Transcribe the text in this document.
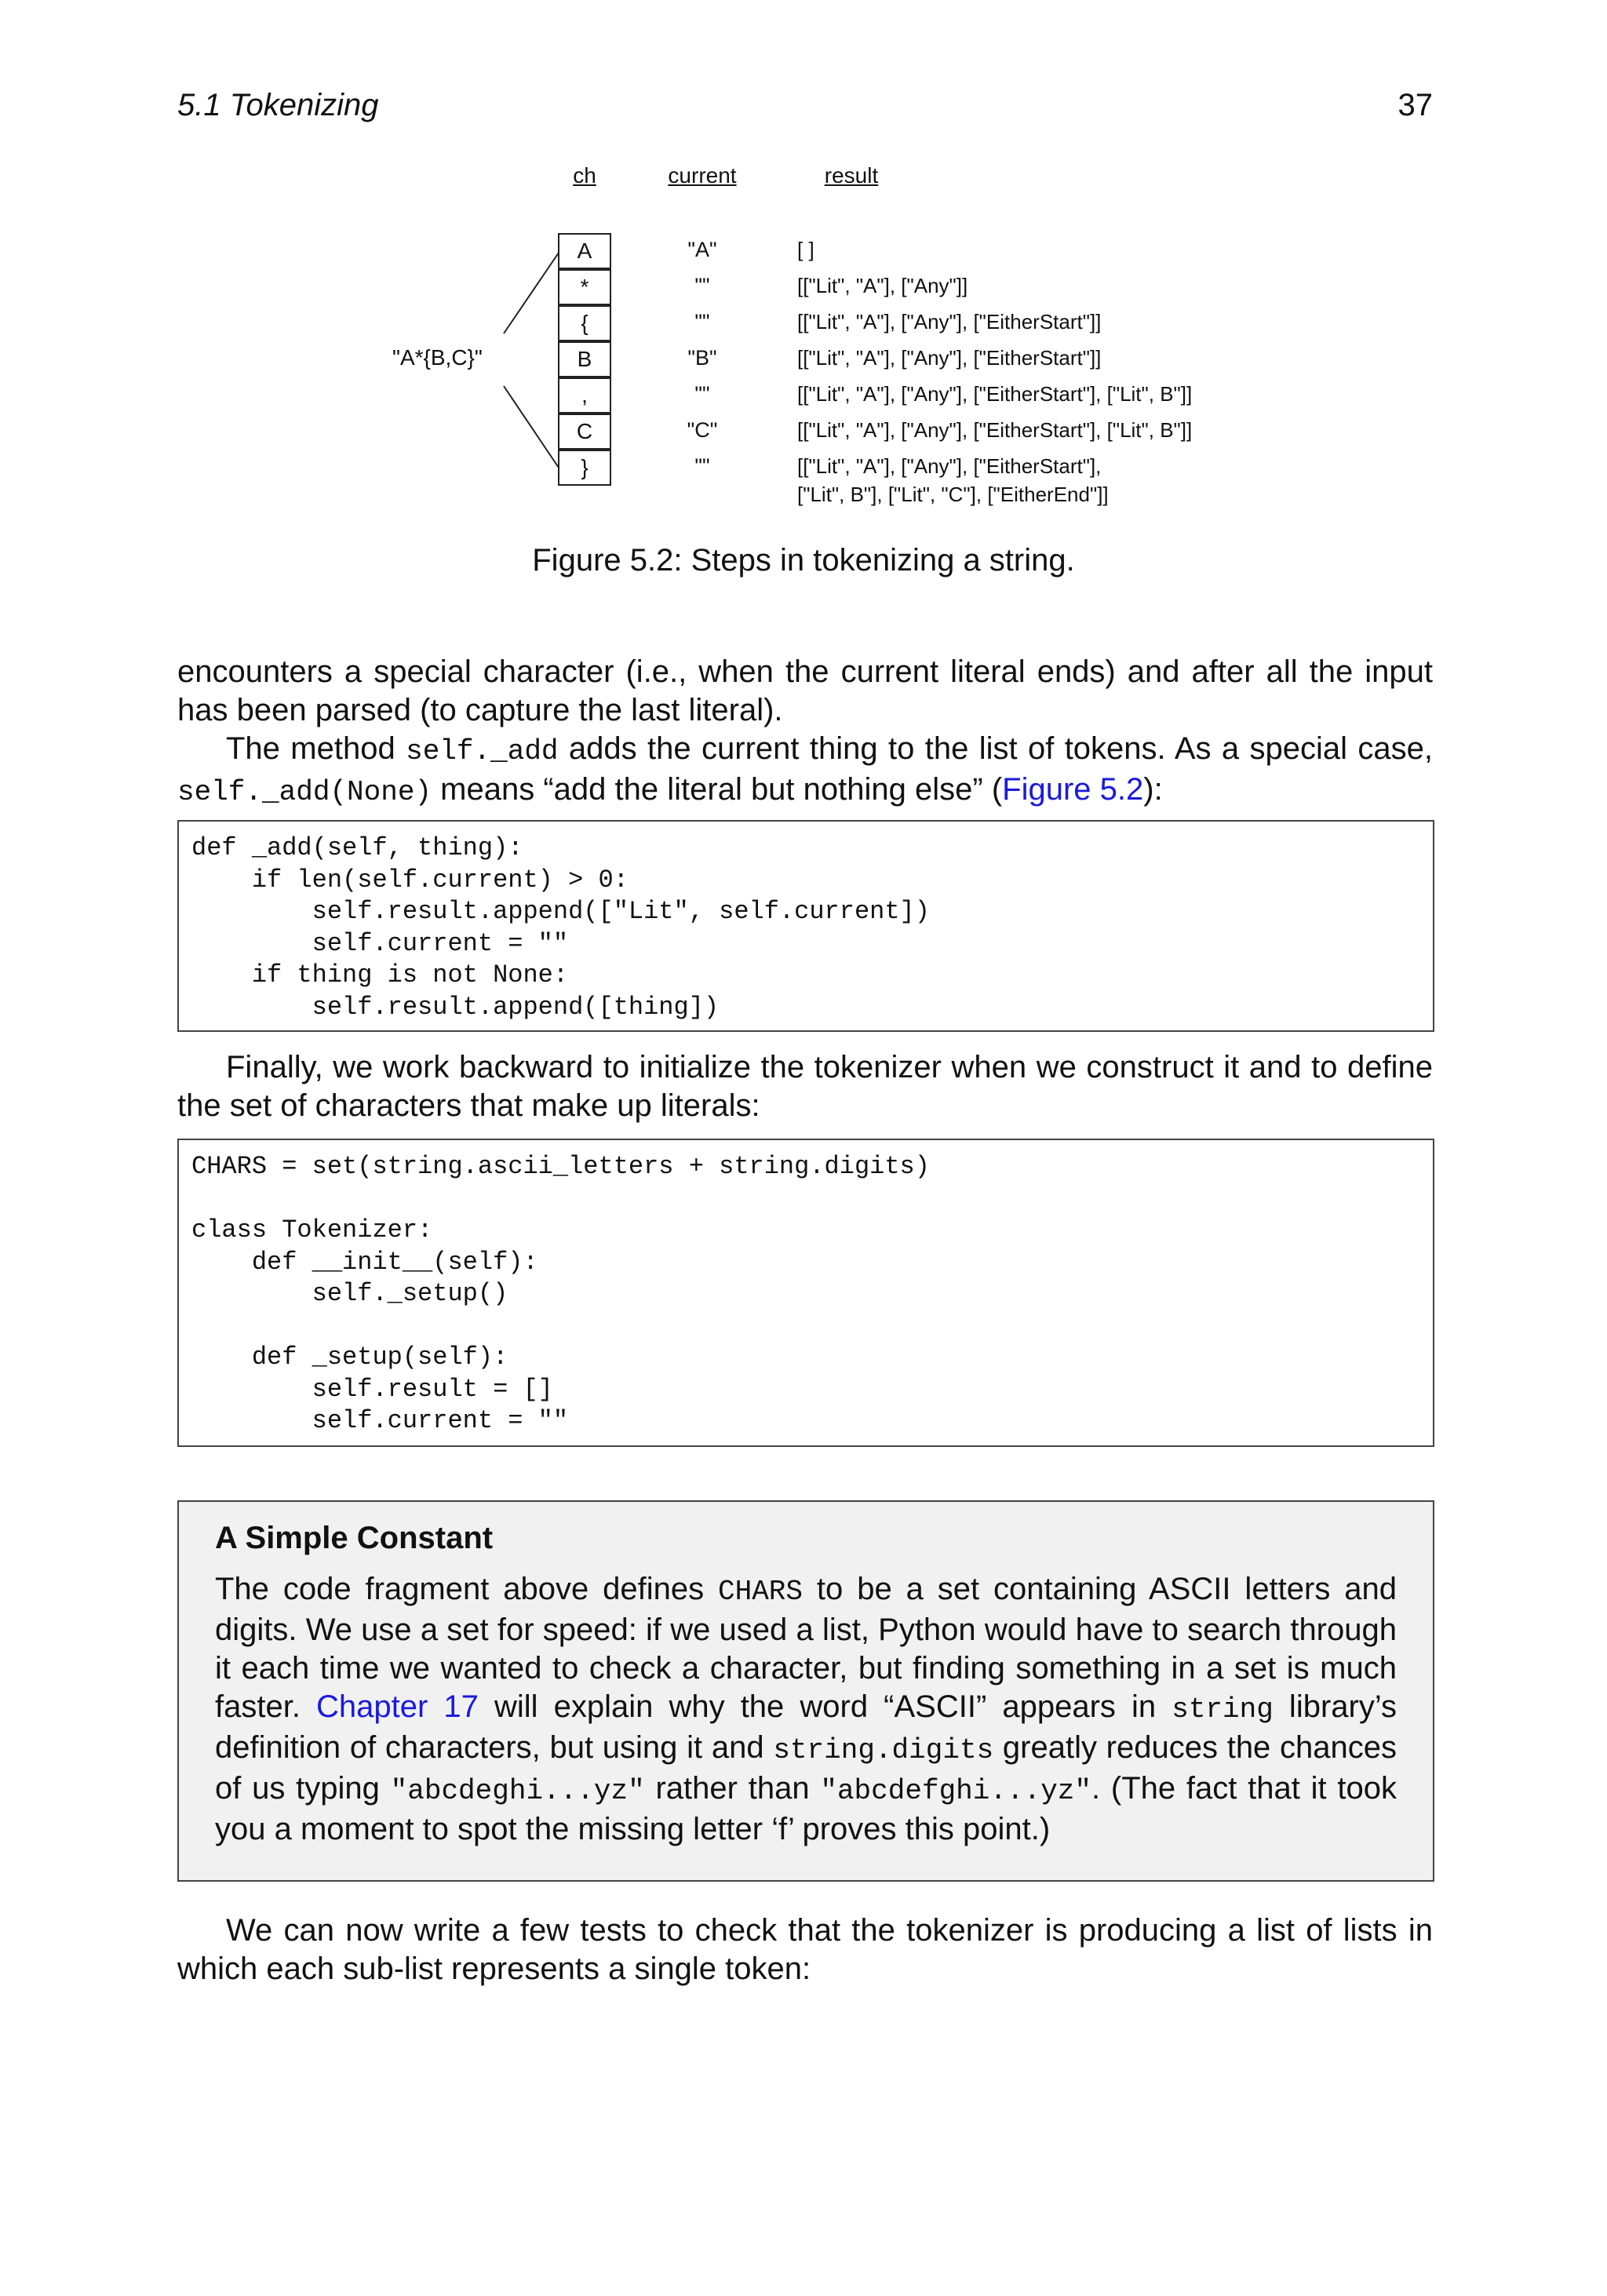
5.1 Tokenizing	37
ch	current	result
"A*{B,C}"
A	"A"	[ ]
*	""	[["Lit", "A"], ["Any"]]
{	""	[["Lit", "A"], ["Any"], ["EitherStart"]]
B	"B"	[["Lit", "A"], ["Any"], ["EitherStart"]]
,	""	[["Lit", "A"], ["Any"], ["EitherStart"], ["Lit", B"]]
C	"C"	[["Lit", "A"], ["Any"], ["EitherStart"], ["Lit", B"]]
}	""	[["Lit", "A"], ["Any"], ["EitherStart"],
["Lit", B"], ["Lit", "C"], ["EitherEnd"]]
Figure 5.2: Steps in tokenizing a string.
encounters a special character (i.e., when the current literal ends) and after all the input has been parsed (to capture the last literal).
The method self._add adds the current thing to the list of tokens. As a special case, self._add(None) means “add the literal but nothing else” (Figure 5.2):
def _add(self, thing):
if len(self.current) > 0:
self.result.append(["Lit", self.current])
self.current = ""
if thing is not None:
self.result.append([thing])
Finally, we work backward to initialize the tokenizer when we construct it and to define the set of characters that make up literals:
CHARS = set(string.ascii_letters + string.digits)

class Tokenizer:
def __init__(self):
self._setup()

def _setup(self):
self.result = []
self.current = ""
A Simple Constant
The code fragment above defines CHARS to be a set containing ASCII letters and digits. We use a set for speed: if we used a list, Python would have to search through it each time we wanted to check a character, but finding something in a set is much faster. Chapter 17 will explain why the word “ASCII” appears in string library’s definition of characters, but using it and string.digits greatly reduces the chances of us typing "abcdeghi...yz" rather than "abcdefghi...yz". (The fact that it took you a moment to spot the missing letter ‘f’ proves this point.)
We can now write a few tests to check that the tokenizer is producing a list of lists in which each sub-list represents a single token:
